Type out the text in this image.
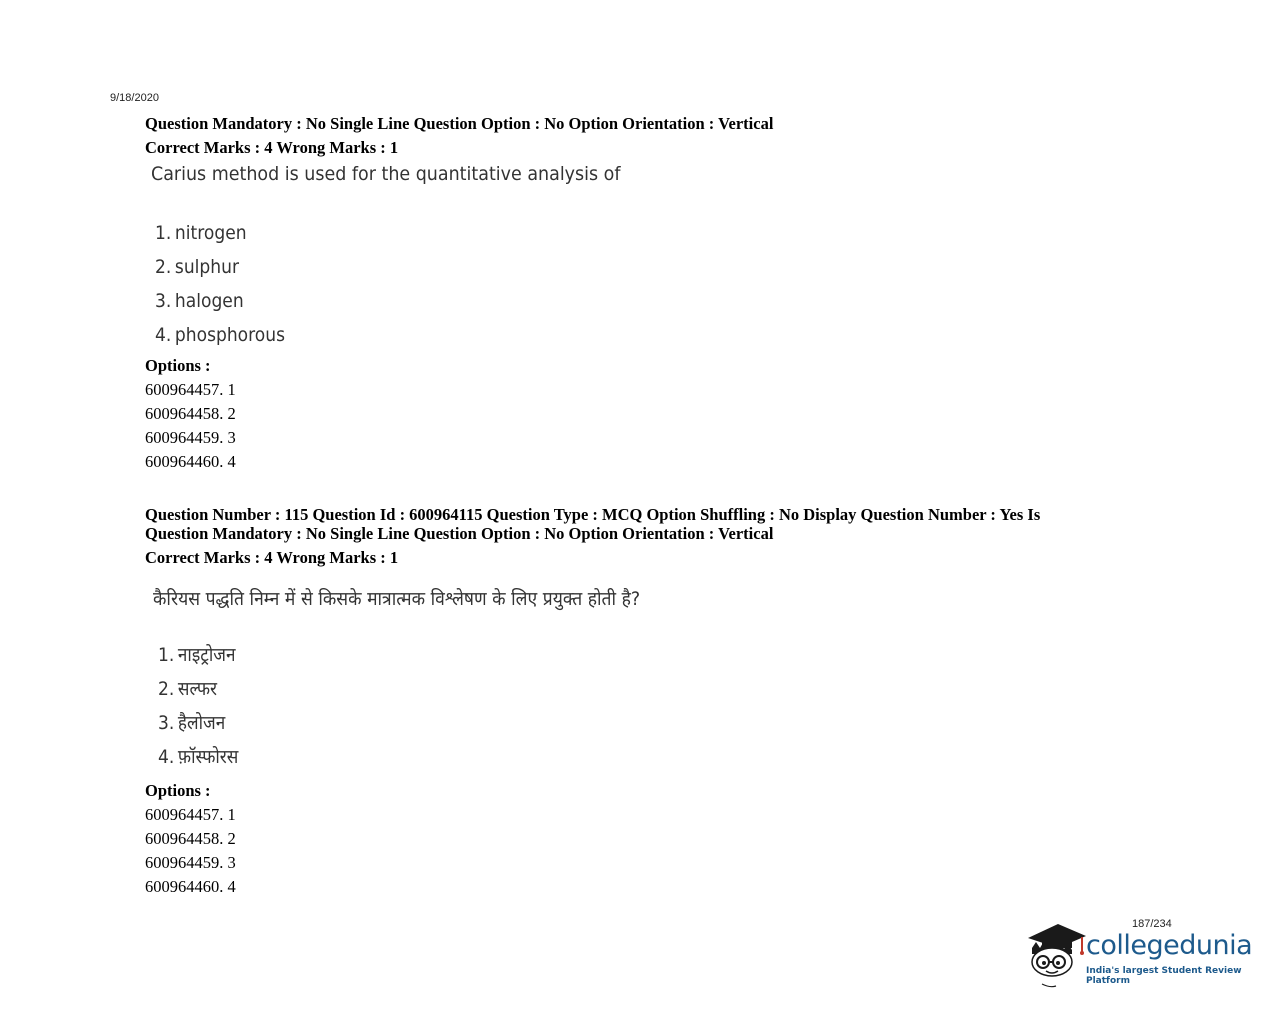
9/18/2020
Question Mandatory : No Single Line Question Option : No Option Orientation : Vertical
Correct Marks : 4 Wrong Marks : 1
Carius method is used for the quantitative analysis of
1. nitrogen
2. sulphur
3. halogen
4. phosphorous
Options :
600964457. 1
600964458. 2
600964459. 3
600964460. 4
Question Number : 115 Question Id : 600964115 Question Type : MCQ Option Shuffling : No Display Question Number : Yes Is
Question Mandatory : No Single Line Question Option : No Option Orientation : Vertical
Correct Marks : 4 Wrong Marks : 1
कैरियस पद्धति निम्न में से किसके मात्रात्मक विश्लेषण के लिए प्रयुक्त होती है?
1. नाइट्रोजन
2. सल्फर
3. हैलोजन
4. फ़ॉस्फोरस
Options :
600964457. 1
600964458. 2
600964459. 3
600964460. 4
187/234
collegedunia
India's largest Student Review Platform
